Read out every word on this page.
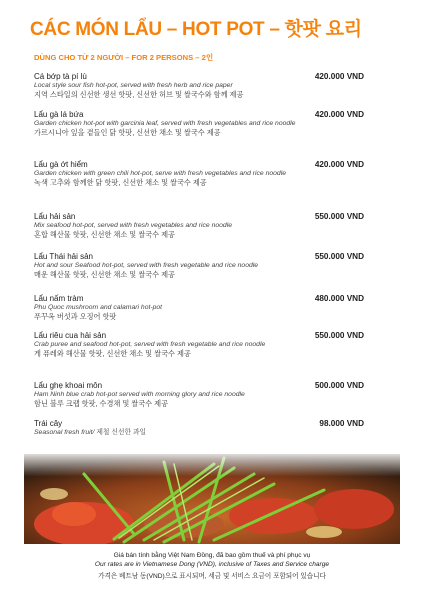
CÁC MÓN LẨU – HOT POT – 핫팟 요리
DÙNG CHO TỪ 2 NGƯỜI – FOR 2 PERSONS – 2인
Cá bớp tà pí lù	420.000 VND
Local style sour fish hot-pot, served with fresh herb and rice paper
지역 스타일의 신선한 생선 핫팟, 신선한 허브 및 쌀국수와 함께 제공
Lẩu gà lá bứa	420.000 VND
Garden chicken hot-pot with garcinia leaf, served with fresh vegetables and rice noodle
가르시니아 잎을 곁들인 닭 핫팟, 신선한 채소 및 쌀국수 제공
Lẩu gà ớt hiểm	420.000 VND
Garden chicken with green chili hot-pot, serve with fresh vegetables and rice noodle
녹색 고추와 함께한 닭 핫팟, 신선한 채소 및 쌀국수 제공
Lẩu hải sản	550.000 VND
Mix seafood hot-pot, served with fresh vegetables and rice noodle
혼합 해산물 핫팟, 신선한 채소 및 쌀국수 제공
Lẩu Thái hải sản	550.000 VND
Hot and sour Seafood hot-pot, served with fresh vegetable and rice noodle
매운 해산물 핫팟, 신선한 채소 및 쌀국수 제공
Lẩu nấm tràm	480.000 VND
Phu Quoc mushroom and calamari hot-pot
푸꾸옥 버섯과 오징어 핫팟
Lẩu riêu cua hải sản	550.000 VND
Crab puree and seafood hot-pot, served with fresh vegetable and rice noodle
게 퓨레와 해산물 핫팟, 신선한 채소 및 쌀국수 제공
Lẩu ghẹ khoai môn	500.000 VND
Ham Ninh blue crab hot-pot served with morning glory and rice noodle
함닌 블루 크랩 핫팟, 수경채 및 쌀국수 제공
Trái cây	98.000 VND
Seasonal fresh fruit/ 제철 신선한 과일
Giá bán tính bằng Việt Nam Đồng, đã bao gồm thuế và phí phục vụ
Our rates are in Vietnamese Dong (VND), inclusive of Taxes and Service charge
가격은 베트남 동(VND)으로 표시되며, 세금 및 서비스 요금이 포함되어 있습니다
